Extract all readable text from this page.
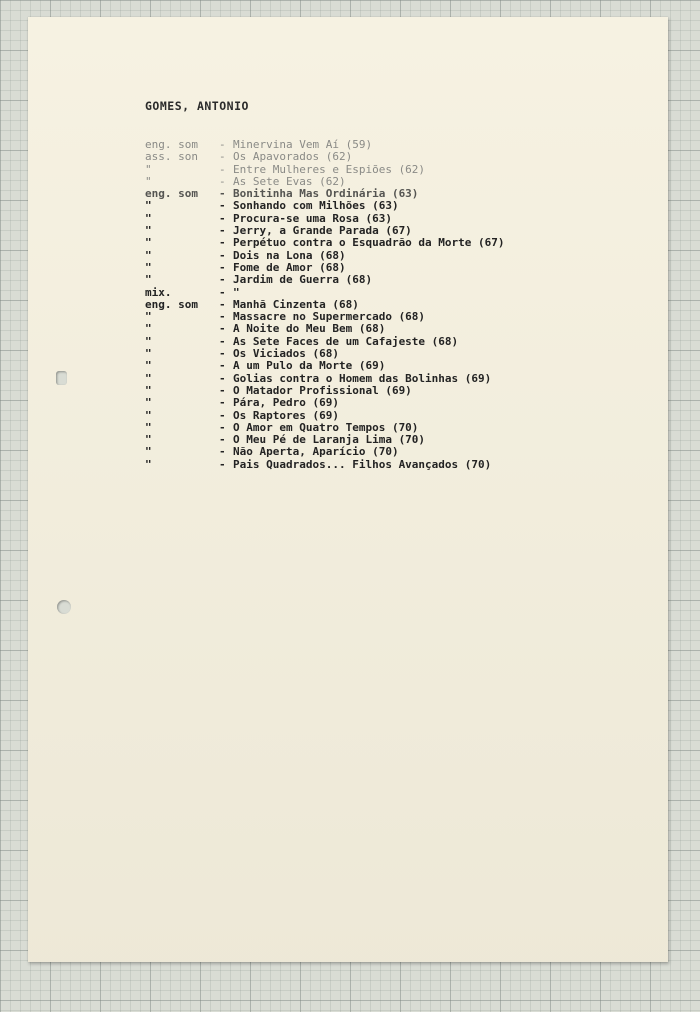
GOMES, ANTONIO
eng. som	- Minervina Vem Aí (59)
ass. son	- Os Apavorados (62)
"	- Entre Mulheres e Espiões (62)
"	- As Sete Evas (62)
eng. som	- Bonitinha Mas Ordinária (63)
"	- Sonhando com Milhões (63)
"	- Procura-se uma Rosa (63)
"	- Jerry, a Grande Parada (67)
"	- Perpétuo contra o Esquadrão da Morte (67)
"	- Dois na Lona (68)
"	- Fome de Amor (68)
"	- Jardim de Guerra (68)
mix.	- "
eng. som	- Manhã Cinzenta (68)
"	- Massacre no Supermercado (68)
"	- A Noite do Meu Bem (68)
"	- As Sete Faces de um Cafajeste (68)
"	- Os Viciados (68)
"	- A um Pulo da Morte (69)
"	- Golias contra o Homem das Bolinhas (69)
"	- O Matador Profissional (69)
"	- Pára, Pedro (69)
"	- Os Raptores (69)
"	- O Amor em Quatro Tempos (70)
"	- O Meu Pé de Laranja Lima (70)
"	- Não Aperta, Aparício (70)
"	- Pais Quadrados... Filhos Avançados (70)
